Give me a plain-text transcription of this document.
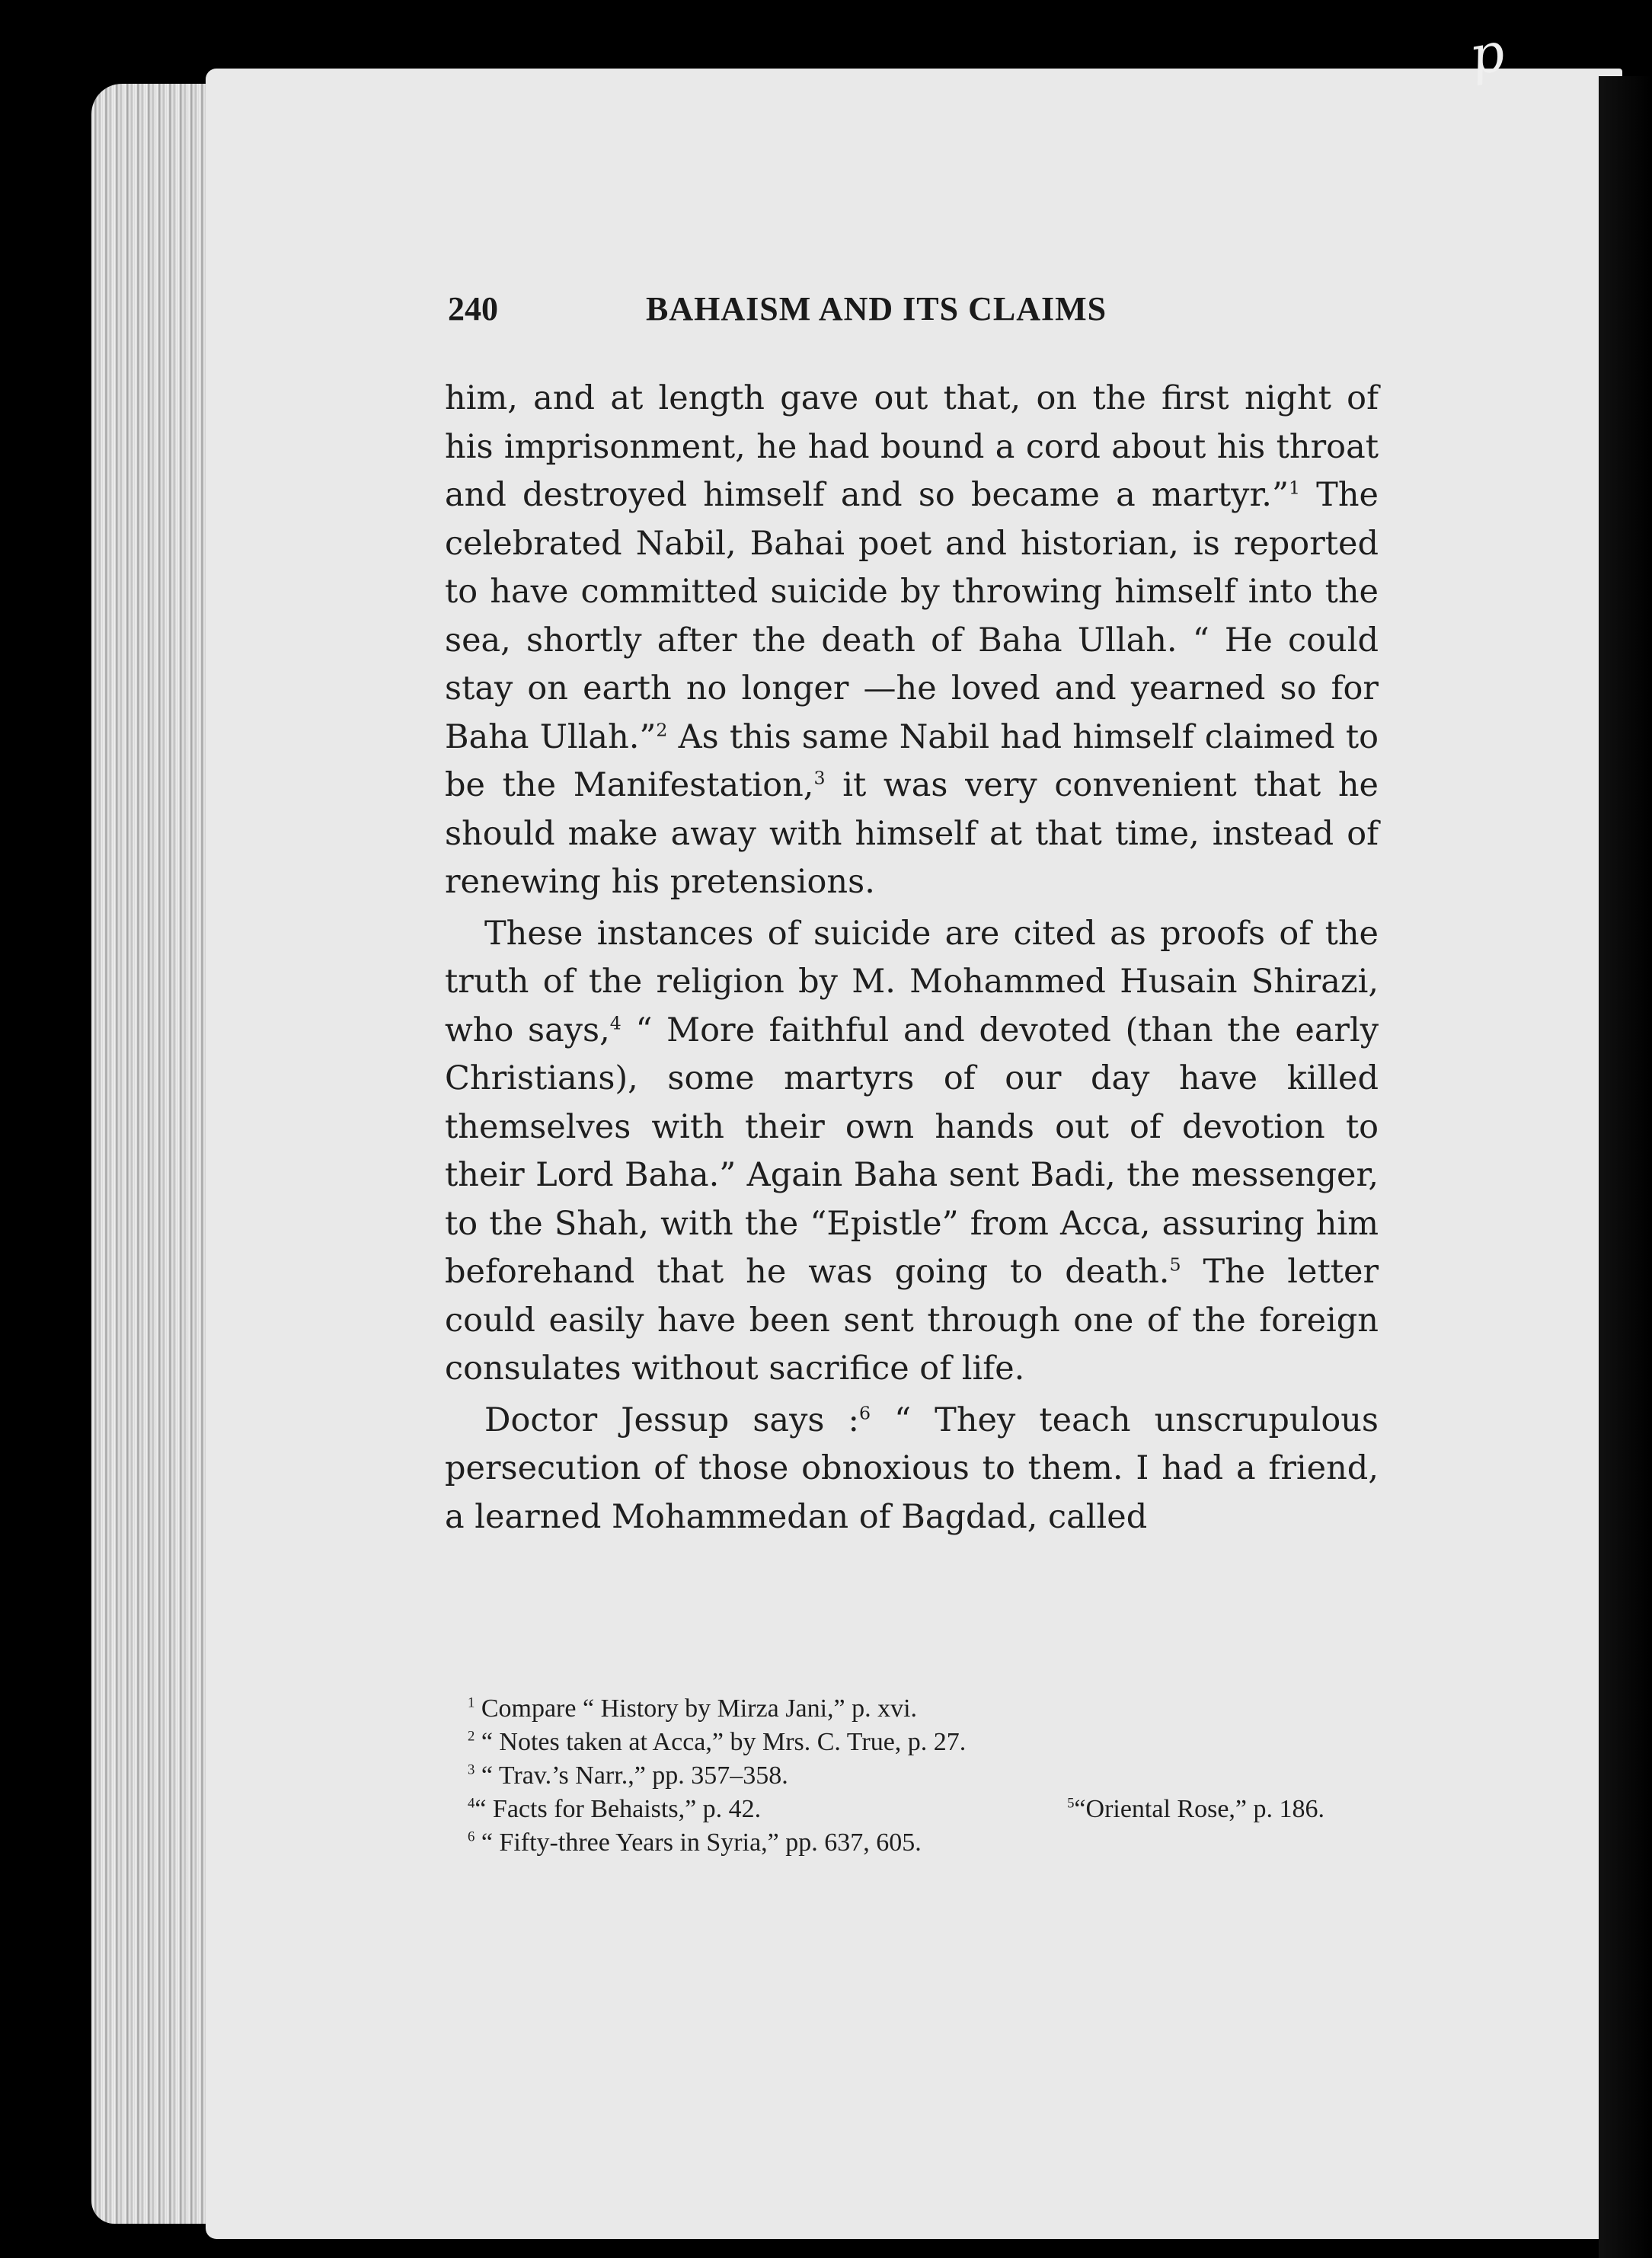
p
240	BAHAISM AND ITS CLAIMS

him, and at length gave out that, on the first night of his imprisonment, he had bound a cord about his throat and destroyed himself and so became a martyr.”$^1$ The celebrated Nabil, Bahai poet and historian, is reported to have committed suicide by throwing himself into the sea, shortly after the death of Baha Ullah. “ He could stay on earth no longer —he loved and yearned so for Baha Ullah.”$^2$ As this same Nabil had himself claimed to be the Manifestation,$^3$ it was very convenient that he should make away with himself at that time, instead of renewing his pretensions.

These instances of suicide are cited as proofs of the truth of the religion by M. Mohammed Husain Shirazi, who says,$^4$ “ More faithful and devoted (than the early Christians), some martyrs of our day have killed themselves with their own hands out of devotion to their Lord Baha.” Again Baha sent Badi, the messenger, to the Shah, with the “Epistle” from Acca, assuring him beforehand that he was going to death.$^5$ The letter could easily have been sent through one of the foreign consulates without sacrifice of life.

Doctor Jessup says :$^6$ “ They teach unscrupulous persecution of those obnoxious to them. I had a friend, a learned Mohammedan of Bagdad, called

$^1$ Compare “ History by Mirza Jani,” p. xvi.
$^2$ “ Notes taken at Acca,” by Mrs. C. True, p. 27.
$^3$ “ Trav.’s Narr.,” pp. 357–358.
$^4$“ Facts for Behaists,” p. 42.	$^5$“Oriental Rose,” p. 186.
$^6$ “ Fifty-three Years in Syria,” pp. 637, 605.
